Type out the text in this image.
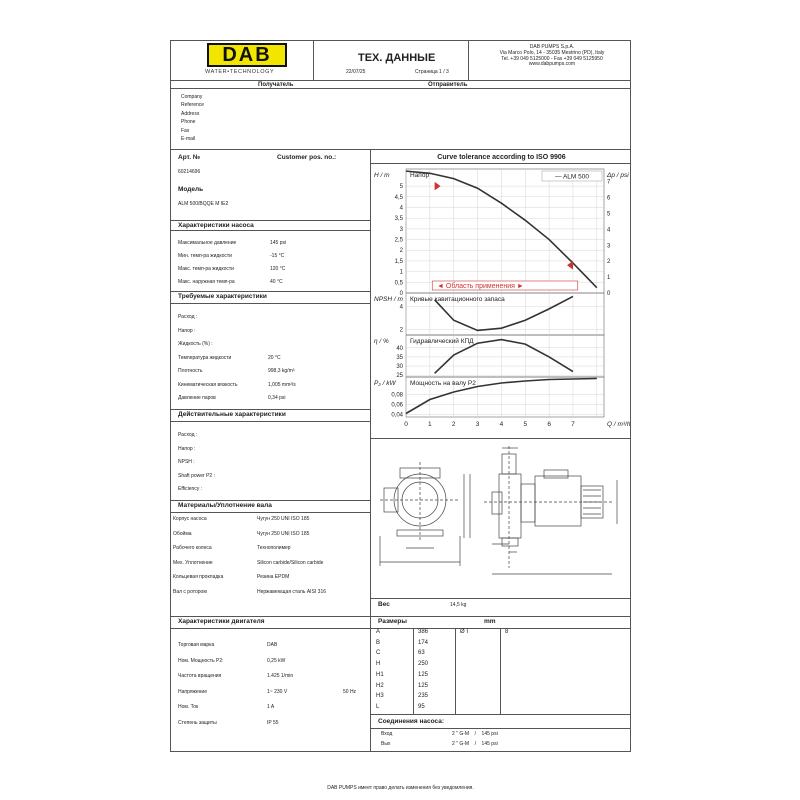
DAB
WATER•TECHNOLOGY
ТЕХ. ДАННЫЕ
22/07/25	Страница 1 / 3
DAB PUMPS S.p.A.
Via Marco Polo, 14 - 35035 Mestrino (PD), Italy
Tel. +39 049 5125000 - Fax +39 049 5125950
www.dabpumps.com
Получатель	Отправитель
Company
Reference
Address
Phone
Fax
E-mail
Арт. №	Customer pos. no.:
60214696
Модель
ALM 500/BQQE M IE2
Характеристики насоса
Требуемые характеристики
Действительные характеристики
Материалы/Уплотнение вала
Характеристики двигателя
Curve tolerance according to ISO 9906
0
0,5
1
1,5
2
2,5
3
3,5
4
4,5
5
Напор
H / m
2
4
Кривые кавитационного запаса
NPSH / m
25
30
35
40
Гидравлический КПД
η / %
0,04
0,06
0,08
Мощность на валу P2
P₂ / kW
0
1
2
3
4
5
6
7
Δp / psi
— ALM 500
◄ Область применения ►
0	1	2	3	4	5	6	7	Q / m³/h
Вес	14,5 kg
Размеры	mm
Ø I	8
Соединения насоса:
Вход	2 " G-M    /    145 psi
Вых	2 " G-M    /    145 psi
DAB PUMPS имеет право делать изменения без уведомления.
Максимальное давление	145 psi
Мин. темп-ра жидкости	-15 °C
Макс. темп-ра жидкости	120 °C
Макс. наружная темп-ра	40 °C
Расход :
Напор :
Жидкость (%) :
Температура жидкости	20 °C
Плотность	998,3 kg/m³
Кинематическая вязкость	1,005 mm²/s
Давление паров	0,34 psi
Расход :
Напор :
NPSH :
Shaft power P2 :
Efficiency :
Корпус насоса	Чугун 250 UNI ISO 185
Обойма	Чугун 250 UNI ISO 185
Рабочего колеса	Технополимер
Мех. Уплотнение	Silicon carbide/Silicon carbide
Кольцевая прокладка	Резина EPDM
Вал с ротором	Нержавеющая сталь AISI 316
Торговая марка	DAB
Ном. Мощность P2:	0,25 kW
Частота вращения	1.425 1/min
Напряжение	1~ 230 V	50 Hz
Ном. Ток	1 A
Степень защиты	IP 55
A	386
B	174
C	63
H	250
H1	125
H2	125
H3	235
L	95
